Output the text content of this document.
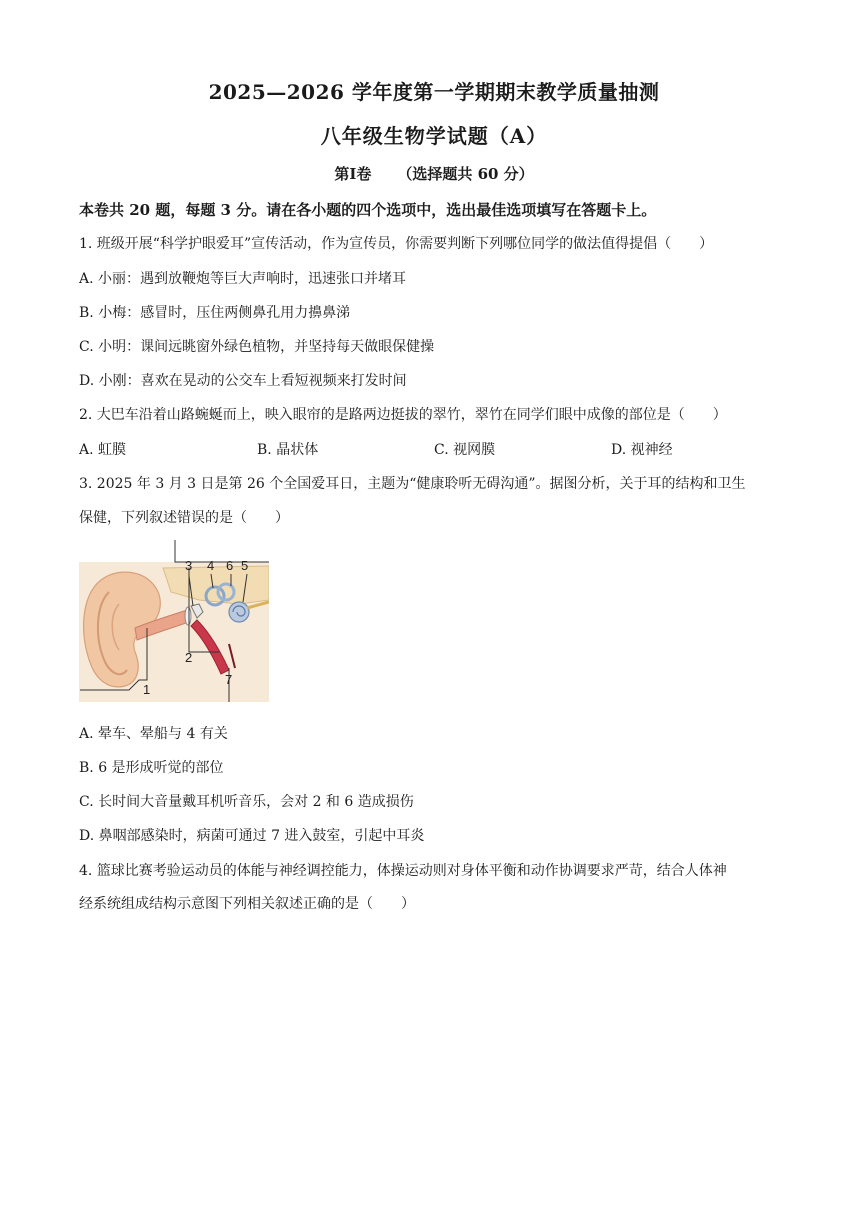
2025—2026 学年度第一学期期末教学质量抽测
八年级生物学试题（A）
第Ⅰ卷 （选择题共 60 分）
本卷共 20 题，每题 3 分。请在各小题的四个选项中，选出最佳选项填写在答题卡上。
1. 班级开展“科学护眼爱耳”宣传活动，作为宣传员，你需要判断下列哪位同学的做法值得提倡（　　）
A. 小丽：遇到放鞭炮等巨大声响时，迅速张口并堵耳
B. 小梅：感冒时，压住两侧鼻孔用力擤鼻涕
C. 小明：课间远眺窗外绿色植物，并坚持每天做眼保健操
D. 小刚：喜欢在晃动的公交车上看短视频来打发时间
2. 大巴车沿着山路蜿蜒而上，映入眼帘的是路两边挺拔的翠竹，翠竹在同学们眼中成像的部位是（　　）
A. 虹膜	B. 晶状体	C. 视网膜	D. 视神经
3. 2025 年 3 月 3 日是第 26 个全国爱耳日，主题为“健康聆听无碍沟通”。据图分析，关于耳的结构和卫生
保健，下列叙述错误的是（　　）
1
2
3 4 5
6
7
A. 晕车、晕船与 4 有关
B. 6 是形成听觉的部位
C. 长时间大音量戴耳机听音乐，会对 2 和 6 造成损伤
D. 鼻咽部感染时，病菌可通过 7 进入鼓室，引起中耳炎
4. 篮球比赛考验运动员的体能与神经调控能力，体操运动则对身体平衡和动作协调要求严苛，结合人体神
经系统组成结构示意图下列相关叙述正确的是（　　）
